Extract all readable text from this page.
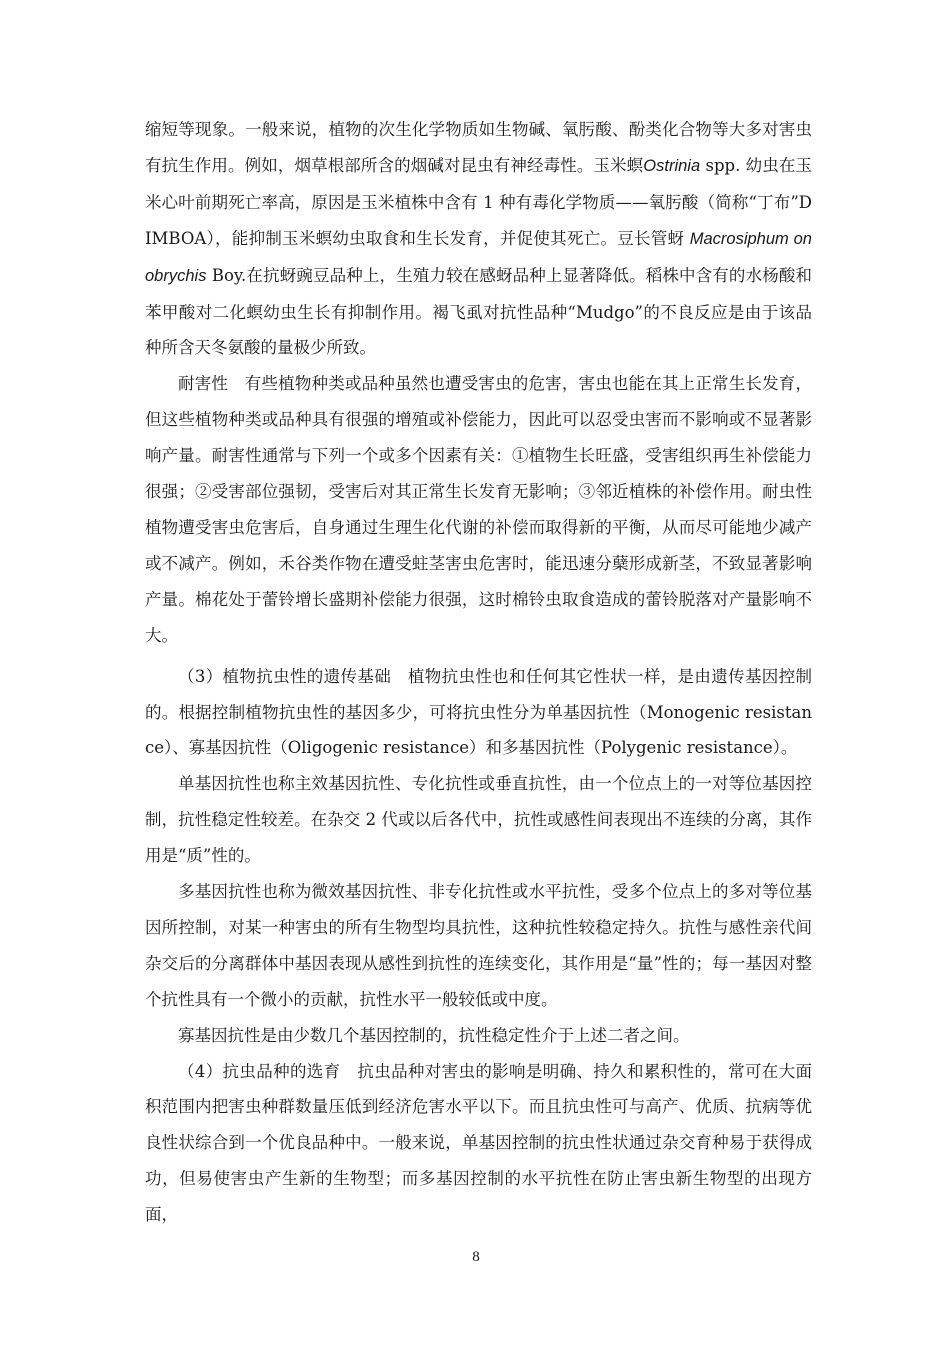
缩短等现象。一般来说，植物的次生化学物质如生物碱、氧肟酸、酚类化合物等大多对害虫有抗生作用。例如，烟草根部所含的烟碱对昆虫有神经毒性。玉米螟Ostrinia spp. 幼虫在玉米心叶前期死亡率高，原因是玉米植株中含有 1 种有毒化学物质——氧肟酸（简称“丁布”DIMBOA），能抑制玉米螟幼虫取食和生长发育，并促使其死亡。豆长管蚜 Macrosiphum onobrychis Boy.在抗蚜豌豆品种上，生殖力较在感蚜品种上显著降低。稻株中含有的水杨酸和苯甲酸对二化螟幼虫生长有抑制作用。褐飞虱对抗性品种“Mudgo”的不良反应是由于该品种所含天冬氨酸的量极少所致。

耐害性　有些植物种类或品种虽然也遭受害虫的危害，害虫也能在其上正常生长发育，但这些植物种类或品种具有很强的增殖或补偿能力，因此可以忍受虫害而不影响或不显著影响产量。耐害性通常与下列一个或多个因素有关：①植物生长旺盛，受害组织再生补偿能力很强；②受害部位强韧，受害后对其正常生长发育无影响；③邻近植株的补偿作用。耐虫性植物遭受害虫危害后，自身通过生理生化代谢的补偿而取得新的平衡，从而尽可能地少减产或不减产。例如，禾谷类作物在遭受蛀茎害虫危害时，能迅速分蘖形成新茎，不致显著影响产量。棉花处于蕾铃增长盛期补偿能力很强，这时棉铃虫取食造成的蕾铃脱落对产量影响不大。

（3）植物抗虫性的遗传基础　植物抗虫性也和任何其它性状一样，是由遗传基因控制的。根据控制植物抗虫性的基因多少，可将抗虫性分为单基因抗性（Monogenic resistance）、寡基因抗性（Oligogenic resistance）和多基因抗性（Polygenic resistance）。

单基因抗性也称主效基因抗性、专化抗性或垂直抗性，由一个位点上的一对等位基因控制，抗性稳定性较差。在杂交 2 代或以后各代中，抗性或感性间表现出不连续的分离，其作用是“质”性的。

多基因抗性也称为微效基因抗性、非专化抗性或水平抗性，受多个位点上的多对等位基因所控制，对某一种害虫的所有生物型均具抗性，这种抗性较稳定持久。抗性与感性亲代间杂交后的分离群体中基因表现从感性到抗性的连续变化，其作用是“量”性的；每一基因对整个抗性具有一个微小的贡献，抗性水平一般较低或中度。

寡基因抗性是由少数几个基因控制的，抗性稳定性介于上述二者之间。

（4）抗虫品种的选育　抗虫品种对害虫的影响是明确、持久和累积性的，常可在大面积范围内把害虫种群数量压低到经济危害水平以下。而且抗虫性可与高产、优质、抗病等优良性状综合到一个优良品种中。一般来说，单基因控制的抗虫性状通过杂交育种易于获得成功，但易使害虫产生新的生物型；而多基因控制的水平抗性在防止害虫新生物型的出现方面，

8
